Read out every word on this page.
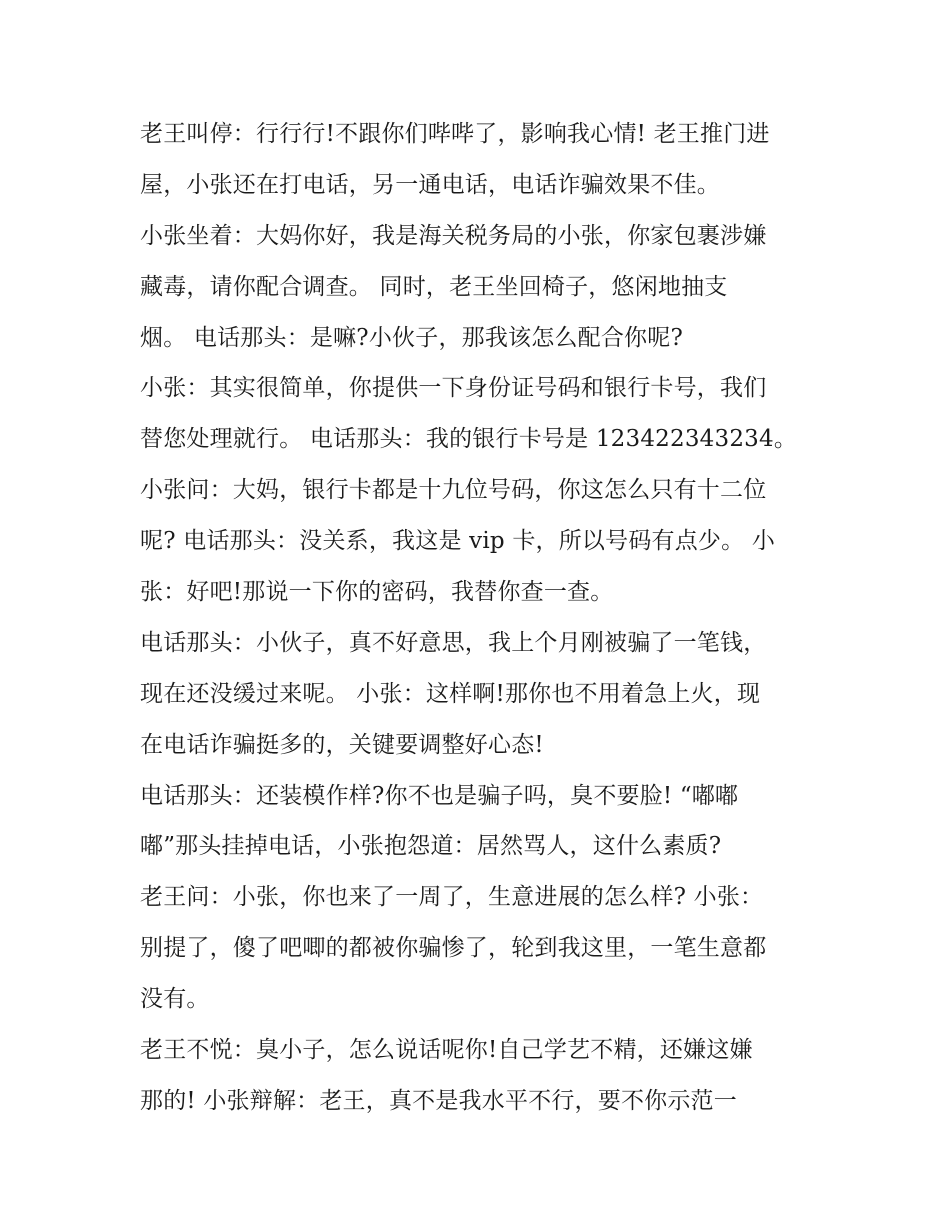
老王叫停：行行行!不跟你们哔哔了，影响我心情! 老王推门进
屋，小张还在打电话，另一通电话，电话诈骗效果不佳。
小张坐着：大妈你好，我是海关税务局的小张，你家包裹涉嫌
藏毒，请你配合调查。 同时，老王坐回椅子，悠闲地抽支
烟。 电话那头：是嘛?小伙子，那我该怎么配合你呢?
小张：其实很简单，你提供一下身份证号码和银行卡号，我们
替您处理就行。 电话那头：我的银行卡号是 123422343234。
小张问：大妈，银行卡都是十九位号码，你这怎么只有十二位
呢? 电话那头：没关系，我这是 vip 卡，所以号码有点少。 小
张：好吧!那说一下你的密码，我替你查一查。
电话那头：小伙子，真不好意思，我上个月刚被骗了一笔钱，
现在还没缓过来呢。 小张：这样啊!那你也不用着急上火，现
在电话诈骗挺多的，关键要调整好心态!
电话那头：还装模作样?你不也是骗子吗，臭不要脸! “嘟嘟
嘟”那头挂掉电话，小张抱怨道：居然骂人，这什么素质?
老王问：小张，你也来了一周了，生意进展的怎么样? 小张：
别提了，傻了吧唧的都被你骗惨了，轮到我这里，一笔生意都
没有。
老王不悦：臭小子，怎么说话呢你!自己学艺不精，还嫌这嫌
那的! 小张辩解：老王，真不是我水平不行，要不你示范一
